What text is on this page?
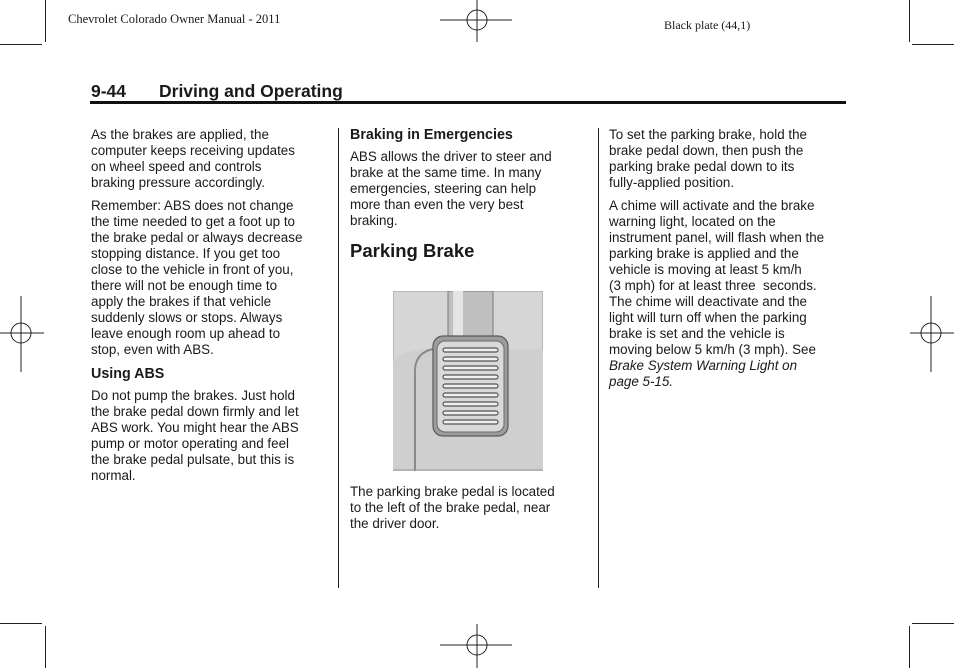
Chevrolet Colorado Owner Manual - 2011	Black plate (44,1)
9-44 Driving and Operating

As the brakes are applied, the
computer keeps receiving updates
on wheel speed and controls
braking pressure accordingly.

Remember: ABS does not change
the time needed to get a foot up to
the brake pedal or always decrease
stopping distance. If you get too
close to the vehicle in front of you,
there will not be enough time to
apply the brakes if that vehicle
suddenly slows or stops. Always
leave enough room up ahead to
stop, even with ABS.

Using ABS

Do not pump the brakes. Just hold
the brake pedal down firmly and let
ABS work. You might hear the ABS
pump or motor operating and feel
the brake pedal pulsate, but this is
normal.

Braking in Emergencies

ABS allows the driver to steer and
brake at the same time. In many
emergencies, steering can help
more than even the very best
braking.

Parking Brake

The parking brake pedal is located
to the left of the brake pedal, near
the driver door.

To set the parking brake, hold the
brake pedal down, then push the
parking brake pedal down to its
fully-applied position.

A chime will activate and the brake
warning light, located on the
instrument panel, will flash when the
parking brake is applied and the
vehicle is moving at least 5 km/h
(3 mph) for at least three  seconds.
The chime will deactivate and the
light will turn off when the parking
brake is set and the vehicle is
moving below 5 km/h (3 mph). See
Brake System Warning Light on
page 5-15.
